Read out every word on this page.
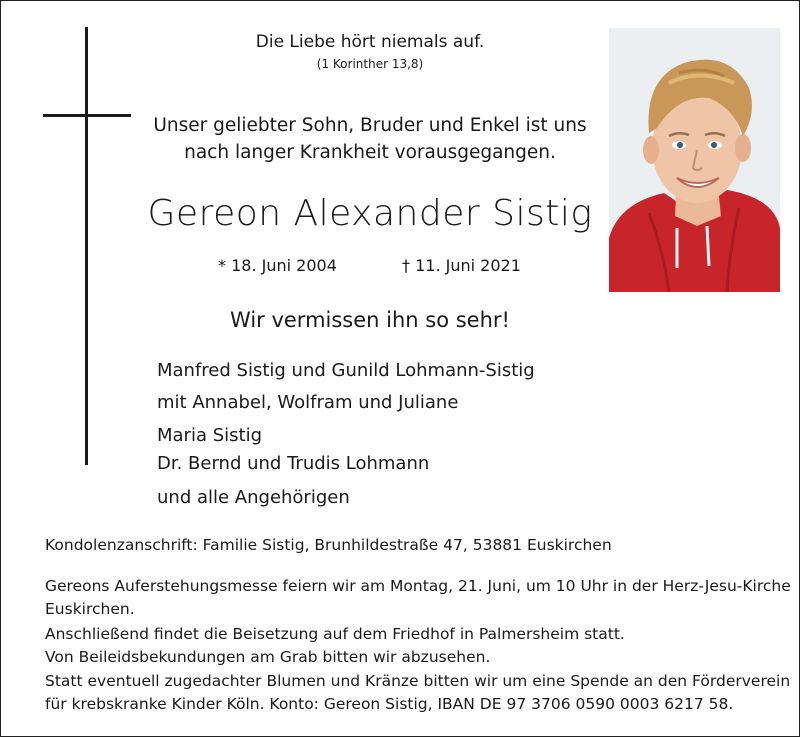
Die Liebe hört niemals auf.
(1 Korinther 13,8)
Unser geliebter Sohn, Bruder und Enkel ist uns
nach langer Krankheit vorausgegangen.
Gereon Alexander Sistig
* 18. Juni 2004	† 11. Juni 2021
Wir vermissen ihn so sehr!
Manfred Sistig und Gunild Lohmann-Sistig
mit Annabel, Wolfram und Juliane
Maria Sistig
Dr. Bernd und Trudis Lohmann
und alle Angehörigen
Kondolenzanschrift: Familie Sistig, Brunhildestraße 47, 53881 Euskirchen
Gereons Auferstehungsmesse feiern wir am Montag, 21. Juni, um 10 Uhr in der Herz-Jesu-Kirche
Euskirchen.
Anschließend findet die Beisetzung auf dem Friedhof in Palmersheim statt.
Von Beileidsbekundungen am Grab bitten wir abzusehen.
Statt eventuell zugedachter Blumen und Kränze bitten wir um eine Spende an den Förderverein
für krebskranke Kinder Köln. Konto: Gereon Sistig, IBAN DE 97 3706 0590 0003 6217 58.
